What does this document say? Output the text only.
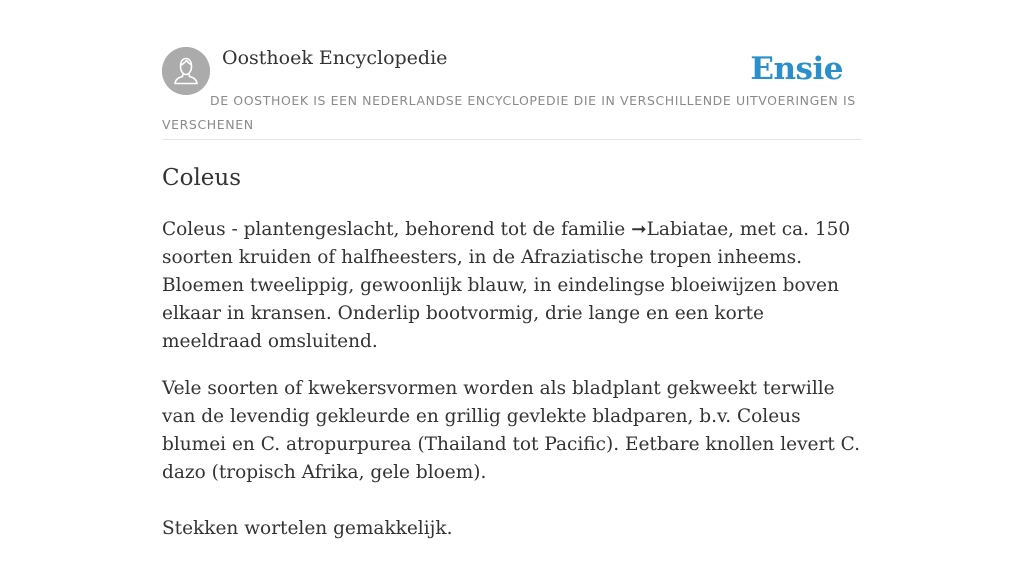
Oosthoek Encyclopedie	Ensie

DE OOSTHOEK IS EEN NEDERLANDSE ENCYCLOPEDIE DIE IN VERSCHILLENDE UITVOERINGEN IS VERSCHENEN

Coleus

Coleus - plantengeslacht, behorend tot de familie ➞Labiatae, met ca. 150 soorten kruiden of halfheesters, in de Afraziatische tropen inheems. Bloemen tweelippig, gewoonlijk blauw, in eindelingse bloeiwijzen boven elkaar in kransen. Onderlip bootvormig, drie lange en een korte meeldraad omsluitend.

Vele soorten of kwekersvormen worden als bladplant gekweekt terwille van de levendig gekleurde en grillig gevlekte bladparen, b.v. Coleus blumei en C. atropurpurea (Thailand tot Pacific). Eetbare knollen levert C. dazo (tropisch Afrika, gele bloem).

Stekken wortelen gemakkelijk.
